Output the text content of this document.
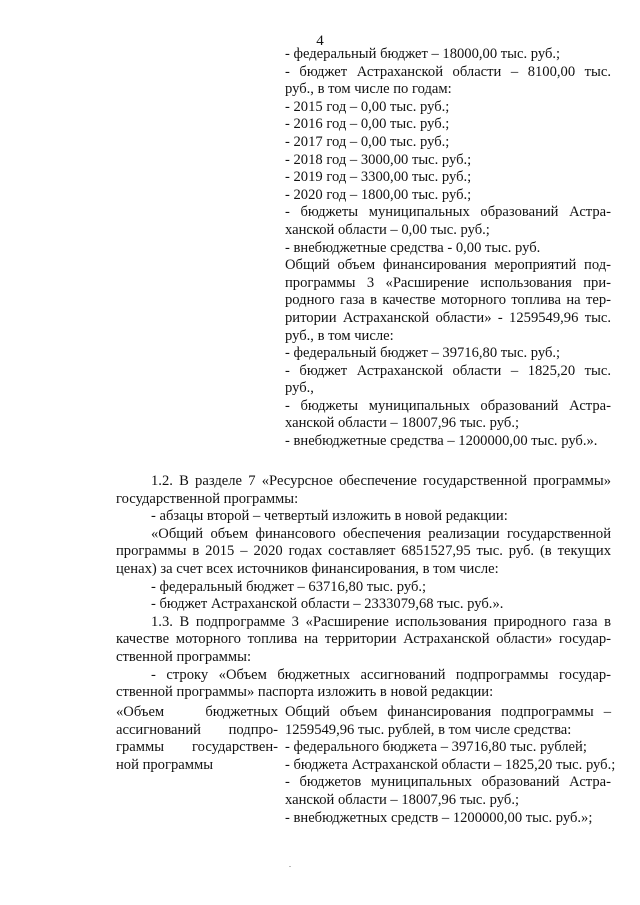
4
- федеральный бюджет – 18000,00 тыс. руб.;
- бюджет Астраханской области – 8100,00 тыс.
руб., в том числе по годам:
- 2015 год – 0,00 тыс. руб.;
- 2016 год – 0,00 тыс. руб.;
- 2017 год – 0,00 тыс. руб.;
- 2018 год – 3000,00 тыс. руб.;
- 2019 год – 3300,00 тыс. руб.;
- 2020 год – 1800,00 тыс. руб.;
- бюджеты муниципальных образований Астра-
ханской области – 0,00 тыс. руб.;
- внебюджетные средства - 0,00 тыс. руб.
Общий объем финансирования мероприятий под-
программы 3 «Расширение использования при-
родного газа в качестве моторного топлива на тер-
ритории Астраханской области» - 1259549,96 тыс.
руб., в том числе:
- федеральный бюджет – 39716,80 тыс. руб.;
- бюджет Астраханской области – 1825,20 тыс.
руб.,
- бюджеты муниципальных образований Астра-
ханской области – 18007,96 тыс. руб.;
- внебюджетные средства – 1200000,00 тыс. руб.».
1.2. В разделе 7 «Ресурсное обеспечение государственной программы»
государственной программы:
- абзацы второй – четвертый изложить в новой редакции:
«Общий объем финансового обеспечения реализации государственной
программы в 2015 – 2020 годах составляет 6851527,95 тыс. руб. (в текущих
ценах) за счет всех источников финансирования, в том числе:
- федеральный бюджет – 63716,80 тыс. руб.;
- бюджет Астраханской области – 2333079,68 тыс. руб.».
1.3. В подпрограмме 3 «Расширение использования природного газа в
качестве моторного топлива на территории Астраханской области» государ-
ственной программы:
- строку «Объем бюджетных ассигнований подпрограммы государ-
ственной программы» паспорта изложить в новой редакции:
«Объем бюджетных
ассигнований подпро-
граммы государствен-
ной программы
Общий объем финансирования подпрограммы –
1259549,96 тыс. рублей, в том числе средства:
- федерального бюджета – 39716,80 тыс. рублей;
- бюджета Астраханской области – 1825,20 тыс. руб.;
- бюджетов муниципальных образований Астра-
ханской области – 18007,96 тыс. руб.;
- внебюджетных средств – 1200000,00 тыс. руб.»;
